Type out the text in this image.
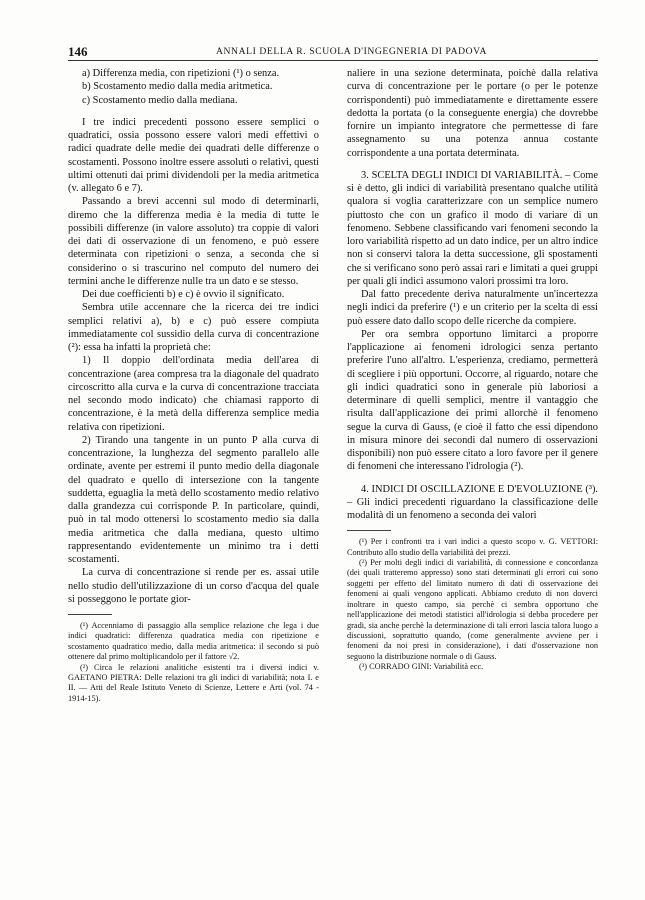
146	ANNALI DELLA R. SCUOLA D'INGEGNERIA DI PADOVA

a) Differenza media, con ripetizioni (¹) o senza.

b) Scostamento medio dalla media aritmetica.

c) Scostamento medio dalla mediana.

I tre indici precedenti possono essere semplici o quadratici, ossia possono essere valori medi effettivi o radici quadrate delle medie dei quadrati delle differenze o scostamenti. Possono inoltre essere assoluti o relativi, questi ultimi ottenuti dai primi dividendoli per la media aritmetica (v. allegato 6 e 7).

Passando a brevi accenni sul modo di determinarli, diremo che la differenza media è la media di tutte le possibili differenze (in valore assoluto) tra coppie di valori dei dati di osservazione di un fenomeno, e può essere determinata con ripetizioni o senza, a seconda che si considerino o si trascurino nel computo del numero dei termini anche le differenze nulle tra un dato e se stesso.

Dei due coefficienti b) e c) è ovvio il significato.

Sembra utile accennare che la ricerca dei tre indici semplici relativi a), b) e c) può essere compiuta immediatamente col sussidio della curva di concentrazione (²): essa ha infatti la proprietà che:

1) Il doppio dell'ordinata media dell'area di concentrazione (area compresa tra la diagonale del quadrato circoscritto alla curva e la curva di concentrazione tracciata nel secondo modo indicato) che chiamasi rapporto di concentrazione, è la metà della differenza semplice media relativa con ripetizioni.

2) Tirando una tangente in un punto P alla curva di concentrazione, la lunghezza del segmento parallelo alle ordinate, avente per estremi il punto medio della diagonale del quadrato e quello di intersezione con la tangente suddetta, eguaglia la metà dello scostamento medio relativo dalla grandezza cui corrisponde P. In particolare, quindi, può in tal modo ottenersi lo scostamento medio sia dalla media aritmetica che dalla mediana, questo ultimo rappresentando evidentemente un minimo tra i detti scostamenti.

La curva di concentrazione si rende per es. assai utile nello studio dell'utilizzazione di un corso d'acqua del quale si posseggono le portate gior-

(¹) Accenniamo di passaggio alla semplice relazione che lega i due indici quadratici: differenza quadratica media con ripetizione e scostamento quadratico medio, dalla media aritmetica: il secondo si può ottenere dal primo moltiplicandolo per il fattore √2.

(²) Circa le relazioni analitiche esistenti tra i diversi indici v. GAETANO PIETRA: Delle relazioni tra gli indici di variabilità; nota I. e II. — Atti del Reale Istituto Veneto di Scienze, Lettere e Arti (vol. 74 - 1914-15).

naliere in una sezione determinata, poichè dalla relativa curva di concentrazione per le portare (o per le potenze corrispondenti) può immediatamente e direttamente essere dedotta la portata (o la conseguente energia) che dovrebbe fornire un impianto integratore che permettesse di fare assegnamento su una potenza annua costante corrispondente a una portata determinata.

3. SCELTA DEGLI INDICI DI VARIABILITÀ. – Come si è detto, gli indici di variabilità presentano qualche utilità qualora si voglia caratterizzare con un semplice numero piuttosto che con un grafico il modo di variare di un fenomeno. Sebbene classificando vari fenomeni secondo la loro variabilità rispetto ad un dato indice, per un altro indice non si conservi talora la detta successione, gli spostamenti che si verificano sono però assai rari e limitati a quei gruppi per quali gli indici assumono valori prossimi tra loro.

Dal fatto precedente deriva naturalmente un'incertezza negli indici da preferire (¹) e un criterio per la scelta di essi può essere dato dallo scopo delle ricerche da compiere.

Per ora sembra opportuno limitarci a proporre l'applicazione ai fenomeni idrologici senza pertanto preferire l'uno all'altro. L'esperienza, crediamo, permetterà di scegliere i più opportuni. Occorre, al riguardo, notare che gli indici quadratici sono in generale più laboriosi a determinare di quelli semplici, mentre il vantaggio che risulta dall'applicazione dei primi allorchè il fenomeno segue la curva di Gauss, (e cioè il fatto che essi dipendono in misura minore dei secondi dal numero di osservazioni disponibili) non può essere citato a loro favore per il genere di fenomeni che interessano l'idrologia (²).

4. INDICI DI OSCILLAZIONE E D'EVOLUZIONE (³). – Gli indici precedenti riguardano la classificazione delle modalità di un fenomeno a seconda dei valori

(¹) Per i confronti tra i vari indici a questo scopo v. G. VETTORI: Contributo allo studio della variabilità dei prezzi.

(²) Per molti degli indici di variabilità, di connessione e concordanza (dei quali tratteremo appresso) sono stati determinati gli errori cui sono soggetti per effetto del limitato numero di dati di osservazione dei fenomeni ai quali vengono applicati. Abbiamo creduto di non doverci inoltrare in questo campo, sia perchè ci sembra opportuno che nell'applicazione dei metodi statistici all'idrologia si debba procedere per gradi, sia anche perchè la determinazione di tali errori lascia talora luogo a discussioni, soprattutto quando, (come generalmente avviene per i fenomeni da noi presi in considerazione), i dati d'osservazione non seguono la distribuzione normale o di Gauss.

(³) CORRADO GINI: Variabilità ecc.
